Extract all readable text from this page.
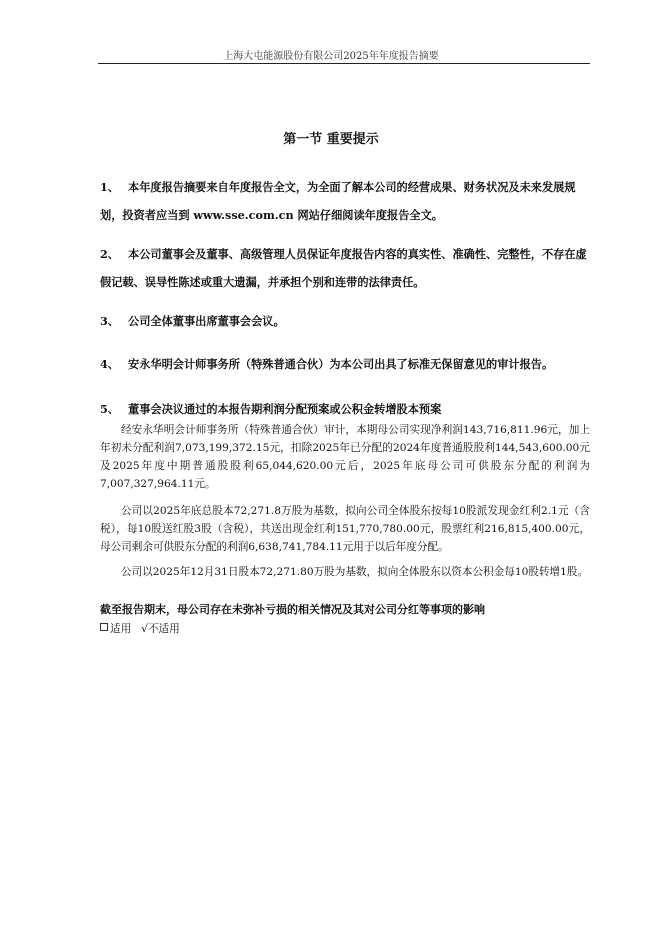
上海大屯能源股份有限公司2025年年度报告摘要
第一节 重要提示
1、 本年度报告摘要来自年度报告全文，为全面了解本公司的经营成果、财务状况及未来发展规划，投资者应当到 www.sse.com.cn 网站仔细阅读年度报告全文。
2、 本公司董事会及董事、高级管理人员保证年度报告内容的真实性、准确性、完整性，不存在虚假记载、误导性陈述或重大遗漏，并承担个别和连带的法律责任。
3、 公司全体董事出席董事会会议。
4、 安永华明会计师事务所（特殊普通合伙）为本公司出具了标准无保留意见的审计报告。
5、 董事会决议通过的本报告期利润分配预案或公积金转增股本预案
经安永华明会计师事务所（特殊普通合伙）审计，本期母公司实现净利润143,716,811.96元，加上年初未分配利润7,073,199,372.15元，扣除2025年已分配的2024年度普通股股利144,543,600.00元及2025年度中期普通股股利65,044,620.00元后，2025年底母公司可供股东分配的利润为7,007,327,964.11元。
公司以2025年底总股本72,271.8万股为基数，拟向公司全体股东按每10股派发现金红利2.1元（含税），每10股送红股3股（含税），共送出现金红利151,770,780.00元，股票红利216,815,400.00元，母公司剩余可供股东分配的利润6,638,741,784.11元用于以后年度分配。
公司以2025年12月31日股本72,271.80万股为基数，拟向全体股东以资本公积金每10股转增1股。
截至报告期末，母公司存在未弥补亏损的相关情况及其对公司分红等事项的影响
适用 √不适用
